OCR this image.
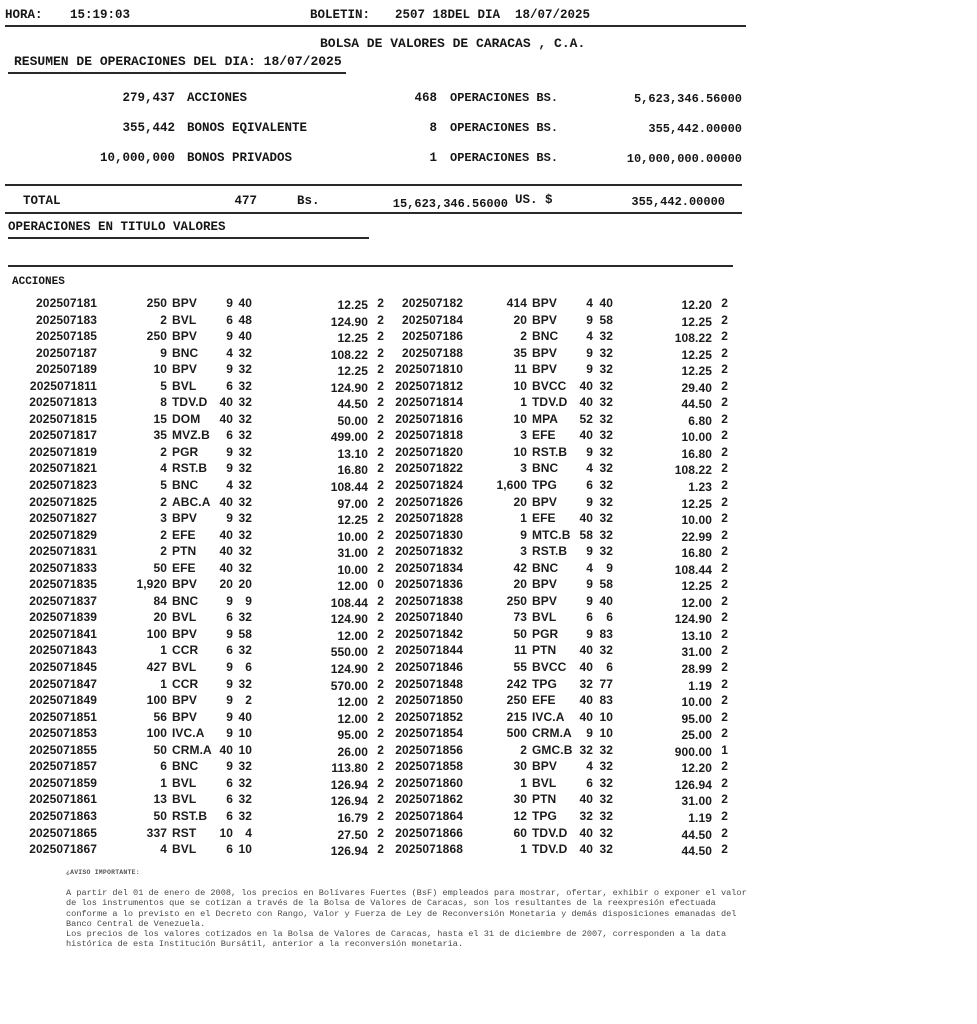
HORA: 15:19:03	BOLETIN: 2507 18DEL DIA  18/07/2025
BOLSA DE VALORES DE CARACAS , C.A.
RESUMEN DE OPERACIONES DEL DIA: 18/07/2025
279,437 ACCIONES	468 OPERACIONES BS.	5,623,346.56000
355,442 BONOS EQIVALENTE	8 OPERACIONES BS.	355,442.00000
10,000,000 BONOS PRIVADOS	1 OPERACIONES BS.	10,000,000.00000
TOTAL	477	Bs.	15,623,346.56000 US. $	355,442.00000
OPERACIONES EN TITULO VALORES
ACCIONES
202507181	250 BPV	9 40	12.25 2	202507182	414 BPV	4 40	12.20 2
202507183	2 BVL	6 48	124.90 2	202507184	20 BPV	9 58	12.25 2
202507185	250 BPV	9 40	12.25 2	202507186	2 BNC	4 32	108.22 2
202507187	9 BNC	4 32	108.22 2	202507188	35 BPV	9 32	12.25 2
202507189	10 BPV	9 32	12.25 2 2025071810	11 BPV	9 32	12.25 2
2025071811	5 BVL	6 32	124.90 2 2025071812	10 BVCC	40 32	29.40 2
2025071813	8 TDV.D	40 32	44.50 2 2025071814	1 TDV.D	40 32	44.50 2
2025071815	15 DOM	40 32	50.00 2 2025071816	10 MPA	52 32	6.80 2
2025071817	35 MVZ.B	6 32	499.00 2 2025071818	3 EFE	40 32	10.00 2
2025071819	2 PGR	9 32	13.10 2 2025071820	10 RST.B	9 32	16.80 2
2025071821	4 RST.B	9 32	16.80 2 2025071822	3 BNC	4 32	108.22 2
2025071823	5 BNC	4 32	108.44 2 2025071824	1,600 TPG	6 32	1.23 2
2025071825	2 ABC.A 40 32	97.00 2 2025071826	20 BPV	9 32	12.25 2
2025071827	3 BPV	9 32	12.25 2 2025071828	1 EFE	40 32	10.00 2
2025071829	2 EFE	40 32	10.00 2 2025071830	9 MTC.B 58 32	22.99 2
2025071831	2 PTN	40 32	31.00 2 2025071832	3 RST.B	9 32	16.80 2
2025071833	50 EFE	40 32	10.00 2 2025071834	42 BNC	4	9	108.44 2
2025071835	1,920 BPV	20 20	12.00 0 2025071836	20 BPV	9 58	12.25 2
2025071837	84 BNC	9	9	108.44 2 2025071838	250 BPV	9 40	12.00 2
2025071839	20 BVL	6 32	124.90 2 2025071840	73 BVL	6	6	124.90 2
2025071841	100 BPV	9 58	12.00 2 2025071842	50 PGR	9 83	13.10 2
2025071843	1 CCR	6 32	550.00 2 2025071844	11 PTN	40 32	31.00 2
2025071845	427 BVL	9	6	124.90 2 2025071846	55 BVCC	40	6	28.99 2
2025071847	1 CCR	9 32	570.00 2 2025071848	242 TPG	32 77	1.19 2
2025071849	100 BPV	9	2	12.00 2 2025071850	250 EFE	40 83	10.00 2
2025071851	56 BPV	9 40	12.00 2 2025071852	215 IVC.A	40 10	95.00 2
2025071853	100 IVC.A	9 10	95.00 2 2025071854	500 CRM.A	9 10	25.00 2
2025071855	50 CRM.A 40 10	26.00 2 2025071856	2 GMC.B 32 32	900.00 1
2025071857	6 BNC	9 32	113.80 2 2025071858	30 BPV	4 32	12.20 2
2025071859	1 BVL	6 32	126.94 2 2025071860	1 BVL	6 32	126.94 2
2025071861	13 BVL	6 32	126.94 2 2025071862	30 PTN	40 32	31.00 2
2025071863	50 RST.B	6 32	16.79 2 2025071864	12 TPG	32 32	1.19 2
2025071865	337 RST	10	4	27.50 2 2025071866	60 TDV.D	40 32	44.50 2
2025071867	4 BVL	6 10	126.94 2 2025071868	1 TDV.D	40 32	44.50 2
¿AVISO IMPORTANTE:
A partir del 01 de enero de 2008, los precios en Bolívares Fuertes (BsF) empleados para mostrar, ofertar, exhibir o exponer el valor de los instrumentos que se cotizan a través de la Bolsa de Valores de Caracas, son los resultantes de la reexpresión efectuada conforme a lo previsto en el Decreto con Rango, Valor y Fuerza de Ley de Reconversión Monetaria y demás disposiciones emanadas del Banco Central de Venezuela.
Los precios de los valores cotizados en la Bolsa de Valores de Caracas, hasta el 31 de diciembre de 2007, corresponden a la data histórica de esta Institución Bursátil, anterior a la reconversión monetaria.
